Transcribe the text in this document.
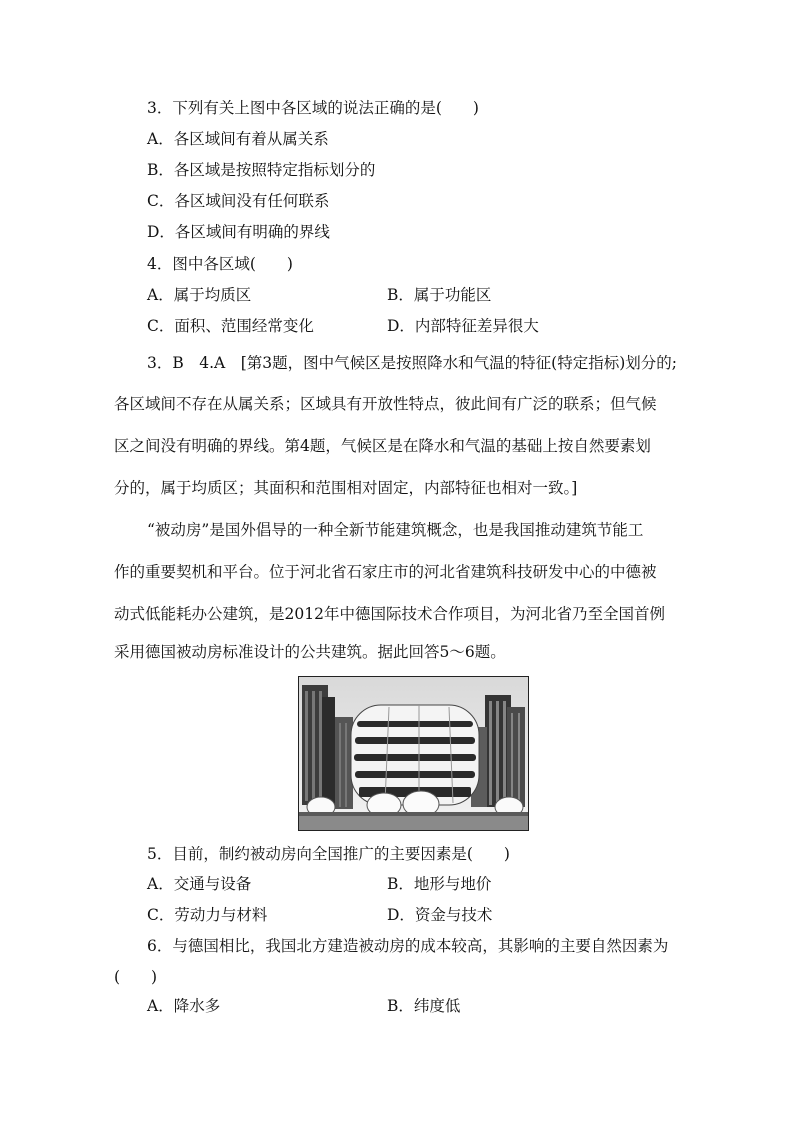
3．下列有关上图中各区域的说法正确的是(　　)
A．各区域间有着从属关系
B．各区域是按照特定指标划分的
C．各区域间没有任何联系
D．各区域间有明确的界线
4．图中各区域(　　)
A．属于均质区	B．属于功能区
C．面积、范围经常变化	D．内部特征差异很大
3．B　4.A　[第3题，图中气候区是按照降水和气温的特征(特定指标)划分的;
各区域间不存在从属关系；区域具有开放性特点，彼此间有广泛的联系；但气候
区之间没有明确的界线。第4题，气候区是在降水和气温的基础上按自然要素划
分的，属于均质区；其面积和范围相对固定，内部特征也相对一致。]
“被动房”是国外倡导的一种全新节能建筑概念，也是我国推动建筑节能工
作的重要契机和平台。位于河北省石家庄市的河北省建筑科技研发中心的中德被
动式低能耗办公建筑，是2012年中德国际技术合作项目，为河北省乃至全国首例
采用德国被动房标准设计的公共建筑。据此回答5～6题。
5．目前，制约被动房向全国推广的主要因素是(　　)
A．交通与设备	B．地形与地价
C．劳动力与材料	D．资金与技术
6．与德国相比，我国北方建造被动房的成本较高，其影响的主要自然因素为
(　　)
A．降水多	B．纬度低
